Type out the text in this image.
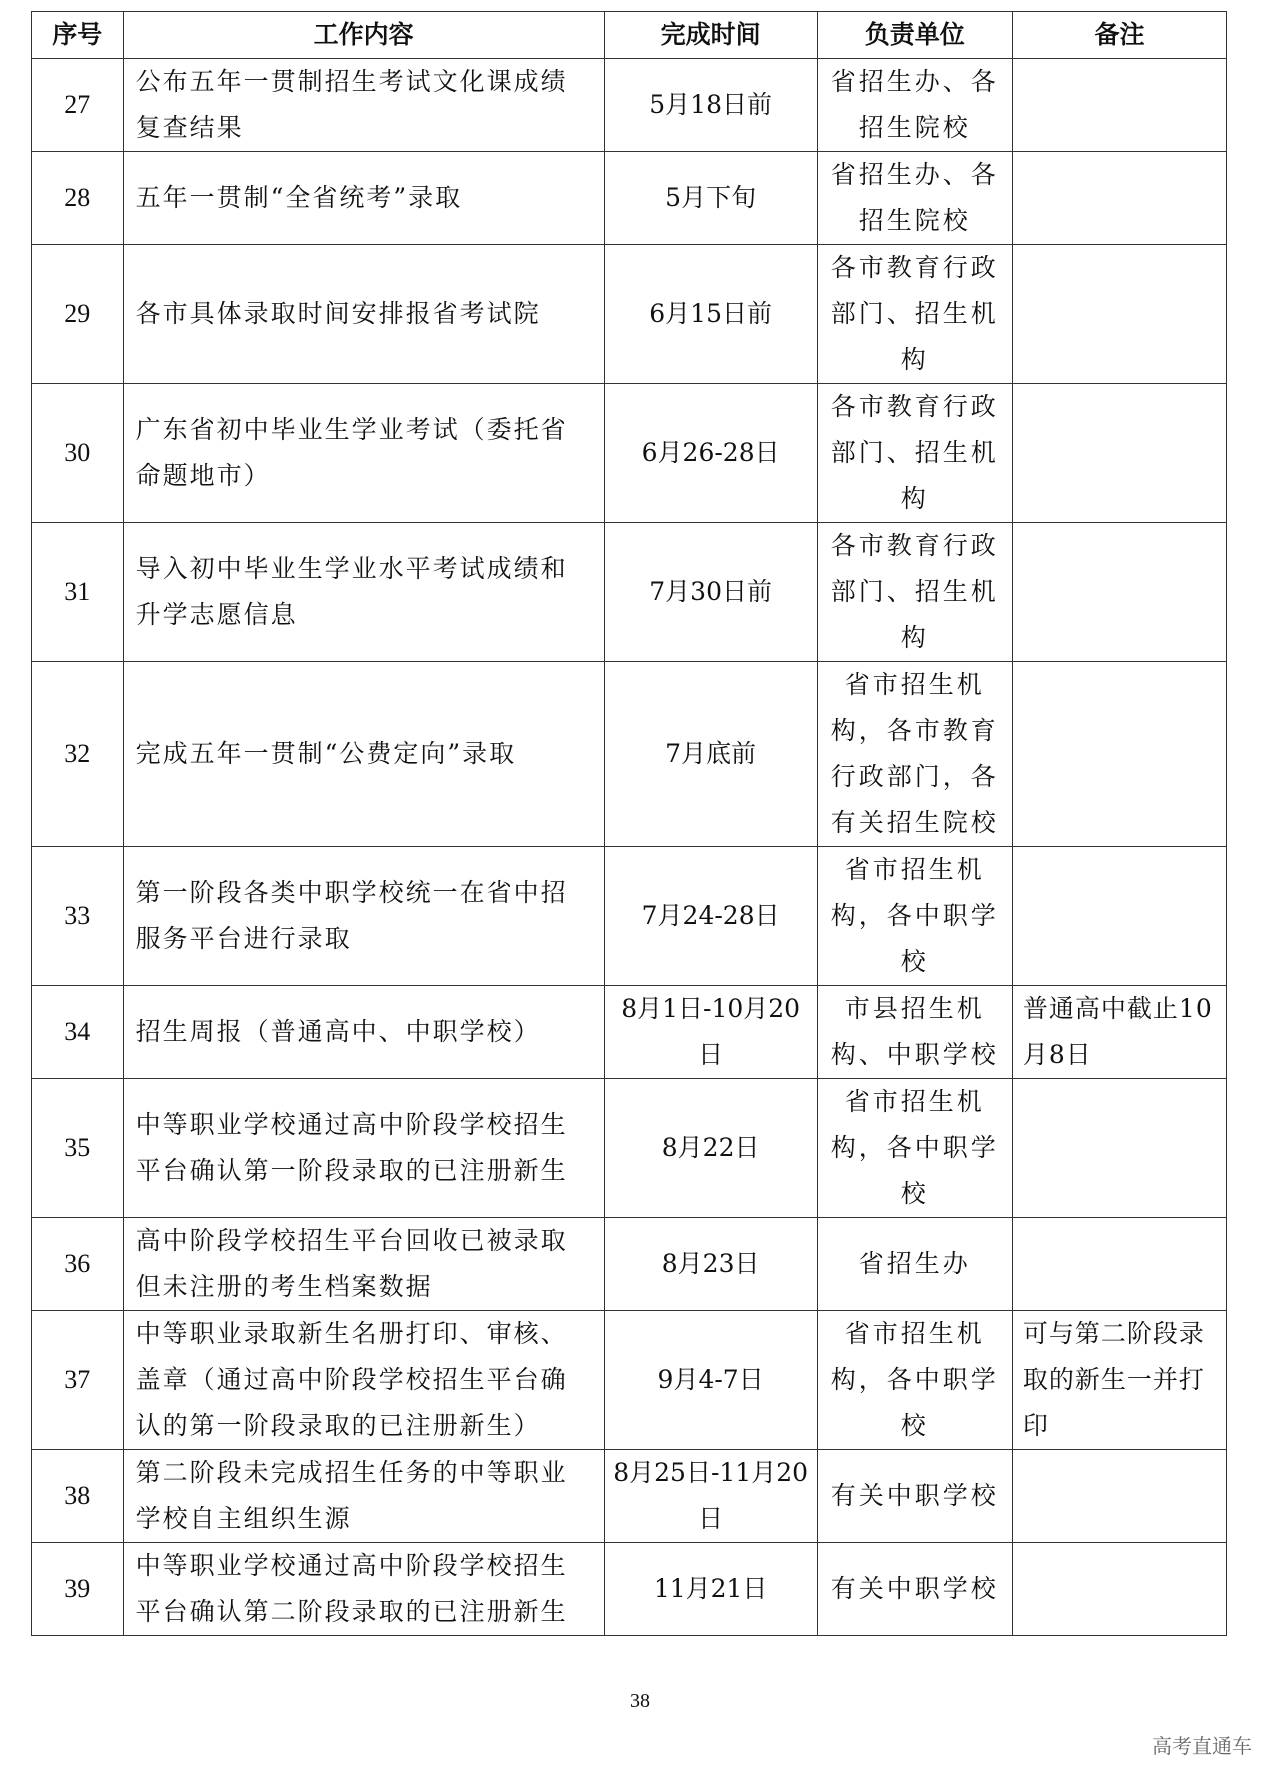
序号	工作内容	完成时间	负责单位	备注
27	公布五年一贯制招生考试文化课成绩复查结果	5月18日前	省招生办、各招生院校	
28	五年一贯制“全省统考”录取	5月下旬	省招生办、各招生院校	
29	各市具体录取时间安排报省考试院	6月15日前	各市教育行政部门、招生机构	
30	广东省初中毕业生学业考试（委托省命题地市）	6月26-28日	各市教育行政部门、招生机构	
31	导入初中毕业生学业水平考试成绩和升学志愿信息	7月30日前	各市教育行政部门、招生机构	
32	完成五年一贯制“公费定向”录取	7月底前	省市招生机构，各市教育行政部门，各有关招生院校	
33	第一阶段各类中职学校统一在省中招服务平台进行录取	7月24-28日	省市招生机构，各中职学校	
34	招生周报（普通高中、中职学校）	8月1日-10月20日	市县招生机构、中职学校	普通高中截止10月8日
35	中等职业学校通过高中阶段学校招生平台确认第一阶段录取的已注册新生	8月22日	省市招生机构，各中职学校	
36	高中阶段学校招生平台回收已被录取但未注册的考生档案数据	8月23日	省招生办	
37	中等职业录取新生名册打印、审核、盖章（通过高中阶段学校招生平台确认的第一阶段录取的已注册新生）	9月4-7日	省市招生机构，各中职学校	可与第二阶段录取的新生一并打印
38	第二阶段未完成招生任务的中等职业学校自主组织生源	8月25日-11月20日	有关中职学校	
39	中等职业学校通过高中阶段学校招生平台确认第二阶段录取的已注册新生	11月21日	有关中职学校	
38
高考直通车
